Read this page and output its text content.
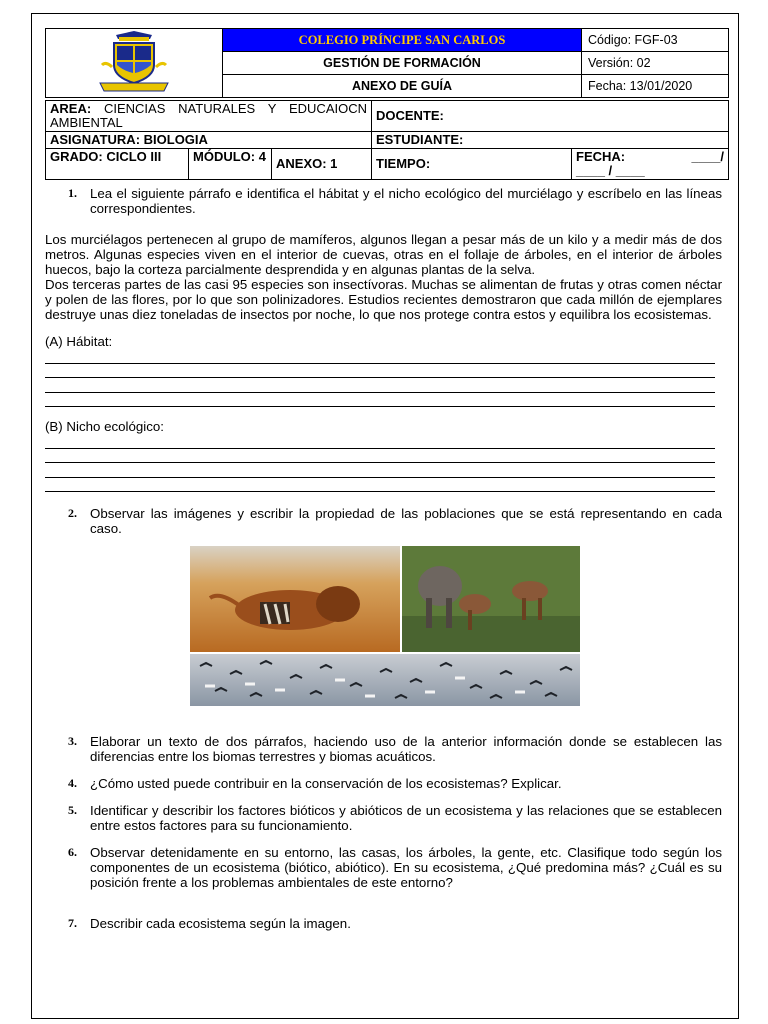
	COLEGIO PRÍNCIPE SAN CARLOS	Código: FGF-03
	GESTIÓN DE FORMACIÓN	Versión: 02
	ANEXO DE GUÍA	Fecha: 13/01/2020
AREA: CIENCIAS NATURALES Y EDUCAIOCN AMBIENTAL			DOCENTE:	
ASIGNATURA: BIOLOGIA			ESTUDIANTE:	
GRADO: CICLO III	MÓDULO: 4	ANEXO: 1	TIEMPO:	FECHA: ____/

____ / ____
1. Lea el siguiente párrafo e identifica el hábitat y el nicho ecológico del murciélago y escríbelo en las líneas correspondientes.
Los murciélagos pertenecen al grupo de mamíferos, algunos llegan a pesar más de un kilo y a medir más de dos metros. Algunas especies viven en el interior de cuevas, otras en el follaje de árboles, en el interior de árboles huecos, bajo la corteza parcialmente desprendida y en algunas plantas de la selva.
Dos terceras partes de las casi 95 especies son insectívoras. Muchas se alimentan de frutas y otras comen néctar y polen de las flores, por lo que son polinizadores. Estudios recientes demostraron que cada millón de ejemplares destruye unas diez toneladas de insectos por noche, lo que nos protege contra estos y equilibra los ecosistemas.
(A) Hábitat:
(B) Nicho ecológico:
2. Observar las imágenes y escribir la propiedad de las poblaciones que se está representando en cada caso.
3. Elaborar un texto de dos párrafos, haciendo uso de la anterior información donde se establecen las diferencias entre los biomas terrestres y biomas acuáticos.
4. ¿Cómo usted puede contribuir en la conservación de los ecosistemas? Explicar.
5. Identificar y describir los factores bióticos y abióticos de un ecosistema y las relaciones que se establecen entre estos factores para su funcionamiento.
6. Observar detenidamente en su entorno, las casas, los árboles, la gente, etc. Clasifique todo según los componentes de un ecosistema (biótico, abiótico). En su ecosistema, ¿Qué predomina más? ¿Cuál es su posición frente a los problemas ambientales de este entorno?
7. Describir cada ecosistema según la imagen.
